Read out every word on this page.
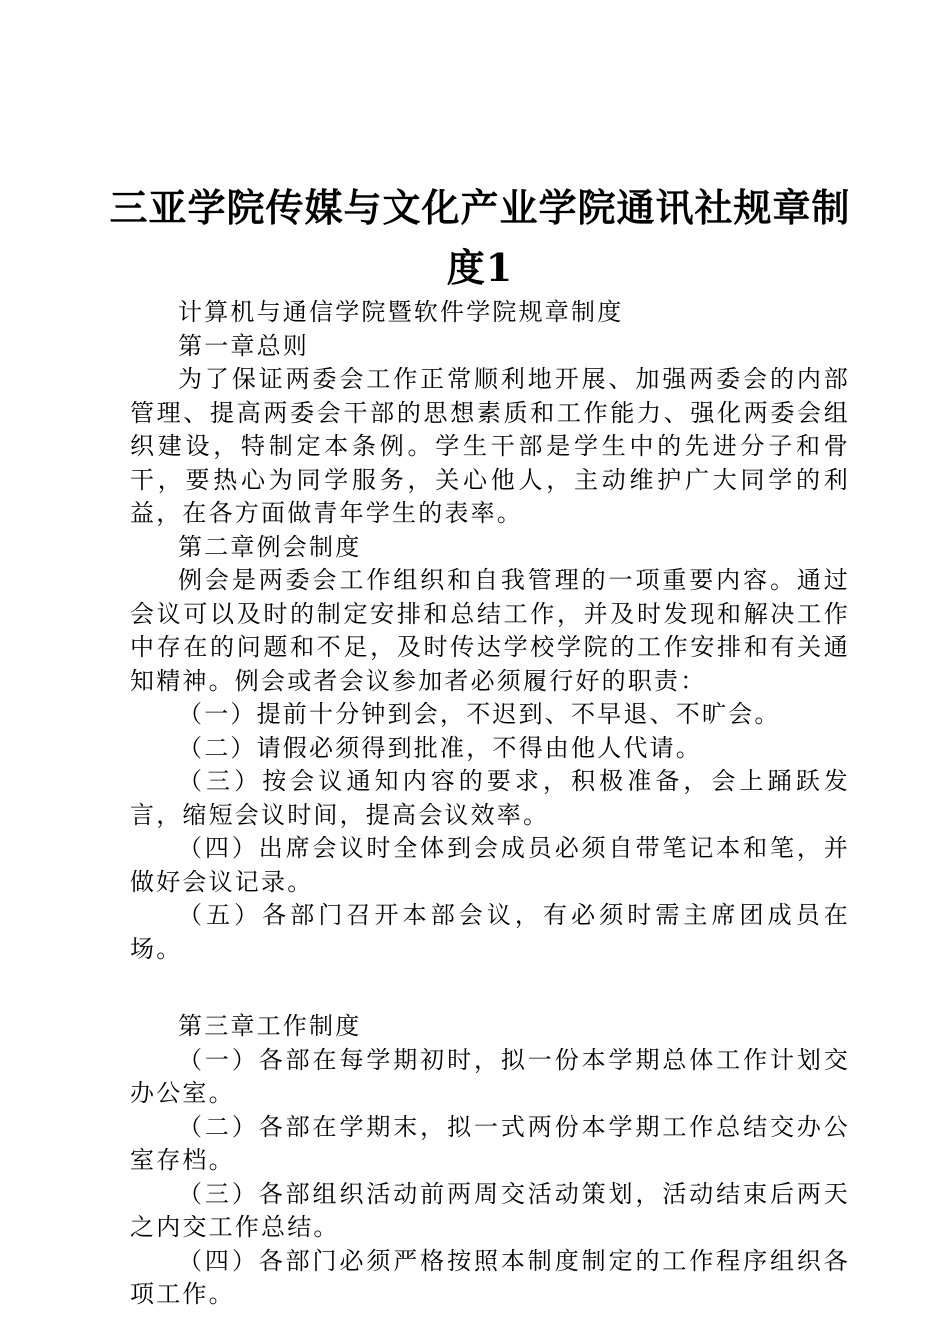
三亚学院传媒与文化产业学院通讯社规章制度1

计算机与通信学院暨软件学院规章制度

第一章总则

为了保证两委会工作正常顺利地开展、加强两委会的内部管理、提高两委会干部的思想素质和工作能力、强化两委会组织建设，特制定本条例。学生干部是学生中的先进分子和骨干，要热心为同学服务，关心他人，主动维护广大同学的利益，在各方面做青年学生的表率。

第二章例会制度

例会是两委会工作组织和自我管理的一项重要内容。通过会议可以及时的制定安排和总结工作，并及时发现和解决工作中存在的问题和不足，及时传达学校学院的工作安排和有关通知精神。例会或者会议参加者必须履行好的职责：

（一）提前十分钟到会，不迟到、不早退、不旷会。

（二）请假必须得到批准，不得由他人代请。

（三）按会议通知内容的要求，积极准备，会上踊跃发言，缩短会议时间，提高会议效率。

（四）出席会议时全体到会成员必须自带笔记本和笔，并做好会议记录。

（五）各部门召开本部会议，有必须时需主席团成员在场。

第三章工作制度

（一）各部在每学期初时，拟一份本学期总体工作计划交办公室。

（二）各部在学期末，拟一式两份本学期工作总结交办公室存档。

（三）各部组织活动前两周交活动策划，活动结束后两天之内交工作总结。

（四）各部门必须严格按照本制度制定的工作程序组织各项工作。
